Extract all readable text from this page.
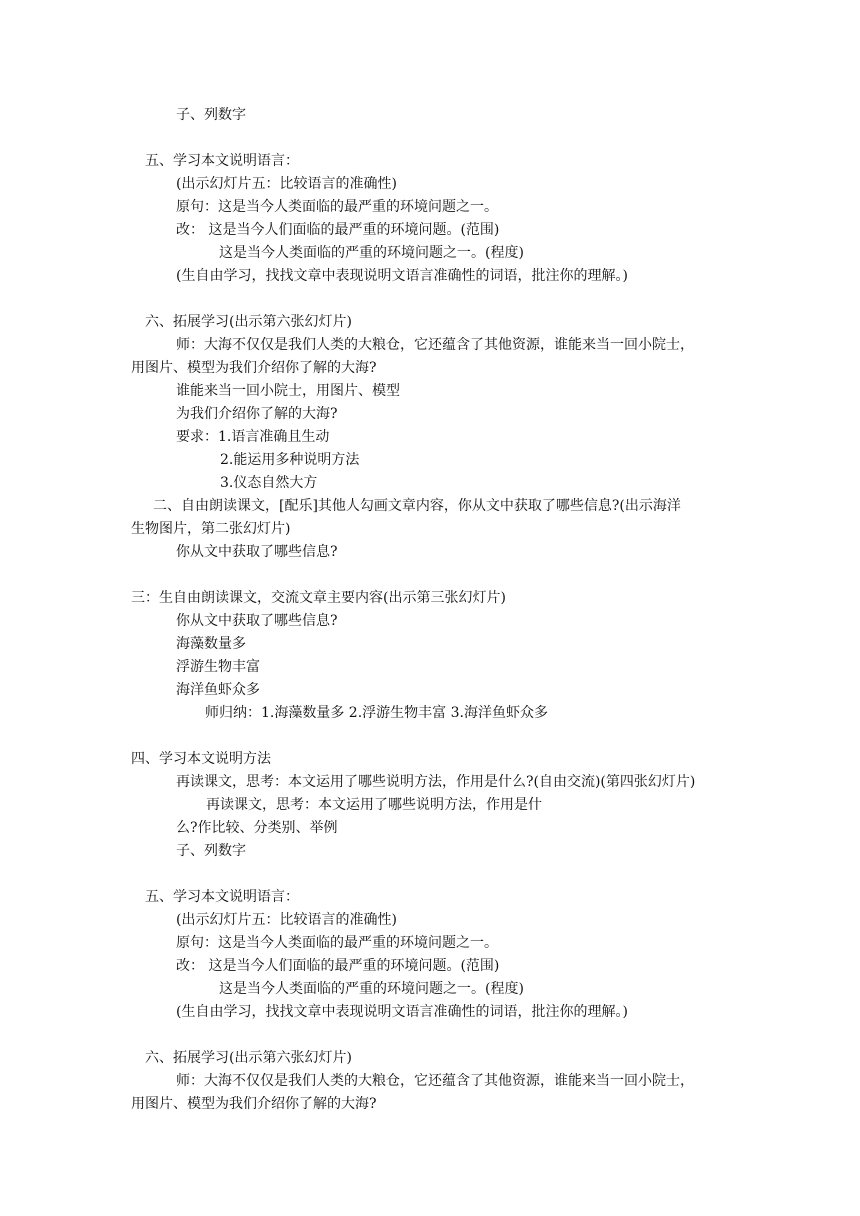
子、列数字
五、学习本文说明语言：
(出示幻灯片五：比较语言的准确性)
原句：这是当今人类面临的最严重的环境问题之一。
改： 这是当今人们面临的最严重的环境问题。(范围)
这是当今人类面临的严重的环境问题之一。(程度)
(生自由学习，找找文章中表现说明文语言准确性的词语，批注你的理解。)
六、拓展学习(出示第六张幻灯片)
师：大海不仅仅是我们人类的大粮仓，它还蕴含了其他资源，谁能来当一回小院士，
用图片、模型为我们介绍你了解的大海?
谁能来当一回小院士，用图片、模型
为我们介绍你了解的大海?
要求：1.语言准确且生动
2.能运用多种说明方法
3.仪态自然大方
二、自由朗读课文，[配乐]其他人勾画文章内容，你从文中获取了哪些信息?(出示海洋
生物图片，第二张幻灯片)
你从文中获取了哪些信息?
三：生自由朗读课文，交流文章主要内容(出示第三张幻灯片)
你从文中获取了哪些信息?
海藻数量多
浮游生物丰富
海洋鱼虾众多
师归纳：1.海藻数量多 2.浮游生物丰富 3.海洋鱼虾众多
四、学习本文说明方法
再读课文，思考：本文运用了哪些说明方法，作用是什么?(自由交流)(第四张幻灯片)
再读课文，思考：本文运用了哪些说明方法，作用是什
么?作比较、分类别、举例
子、列数字
五、学习本文说明语言：
(出示幻灯片五：比较语言的准确性)
原句：这是当今人类面临的最严重的环境问题之一。
改： 这是当今人们面临的最严重的环境问题。(范围)
这是当今人类面临的严重的环境问题之一。(程度)
(生自由学习，找找文章中表现说明文语言准确性的词语，批注你的理解。)
六、拓展学习(出示第六张幻灯片)
师：大海不仅仅是我们人类的大粮仓，它还蕴含了其他资源，谁能来当一回小院士，
用图片、模型为我们介绍你了解的大海?
